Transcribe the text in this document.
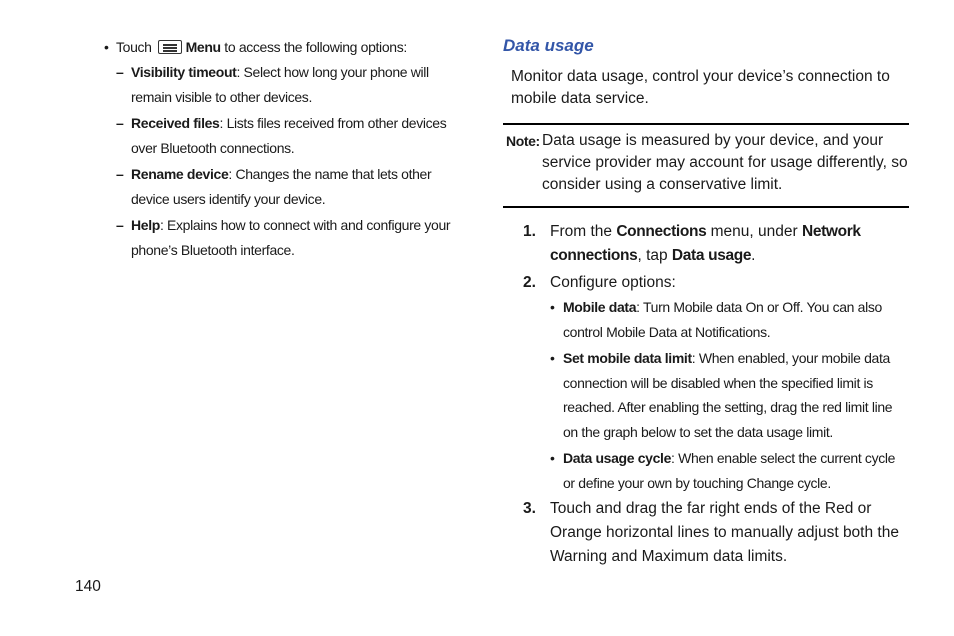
• Touch Menu to access the following options:
– Visibility timeout: Select how long your phone will remain visible to other devices.
– Received files: Lists files received from other devices over Bluetooth connections.
– Rename device: Changes the name that lets other device users identify your device.
– Help: Explains how to connect with and configure your phone’s Bluetooth interface.
Data usage

Monitor data usage, control your device’s connection to mobile data service.

Note: Data usage is measured by your device, and your service provider may account for usage differently, so consider using a conservative limit.
1. From the Connections menu, under Network connections, tap Data usage.
2. Configure options:
• Mobile data: Turn Mobile data On or Off. You can also control Mobile Data at Notifications.
• Set mobile data limit: When enabled, your mobile data connection will be disabled when the specified limit is reached. After enabling the setting, drag the red limit line on the graph below to set the data usage limit.
• Data usage cycle: When enable select the current cycle or define your own by touching Change cycle.
3. Touch and drag the far right ends of the Red or Orange horizontal lines to manually adjust both the Warning and Maximum data limits.
140
